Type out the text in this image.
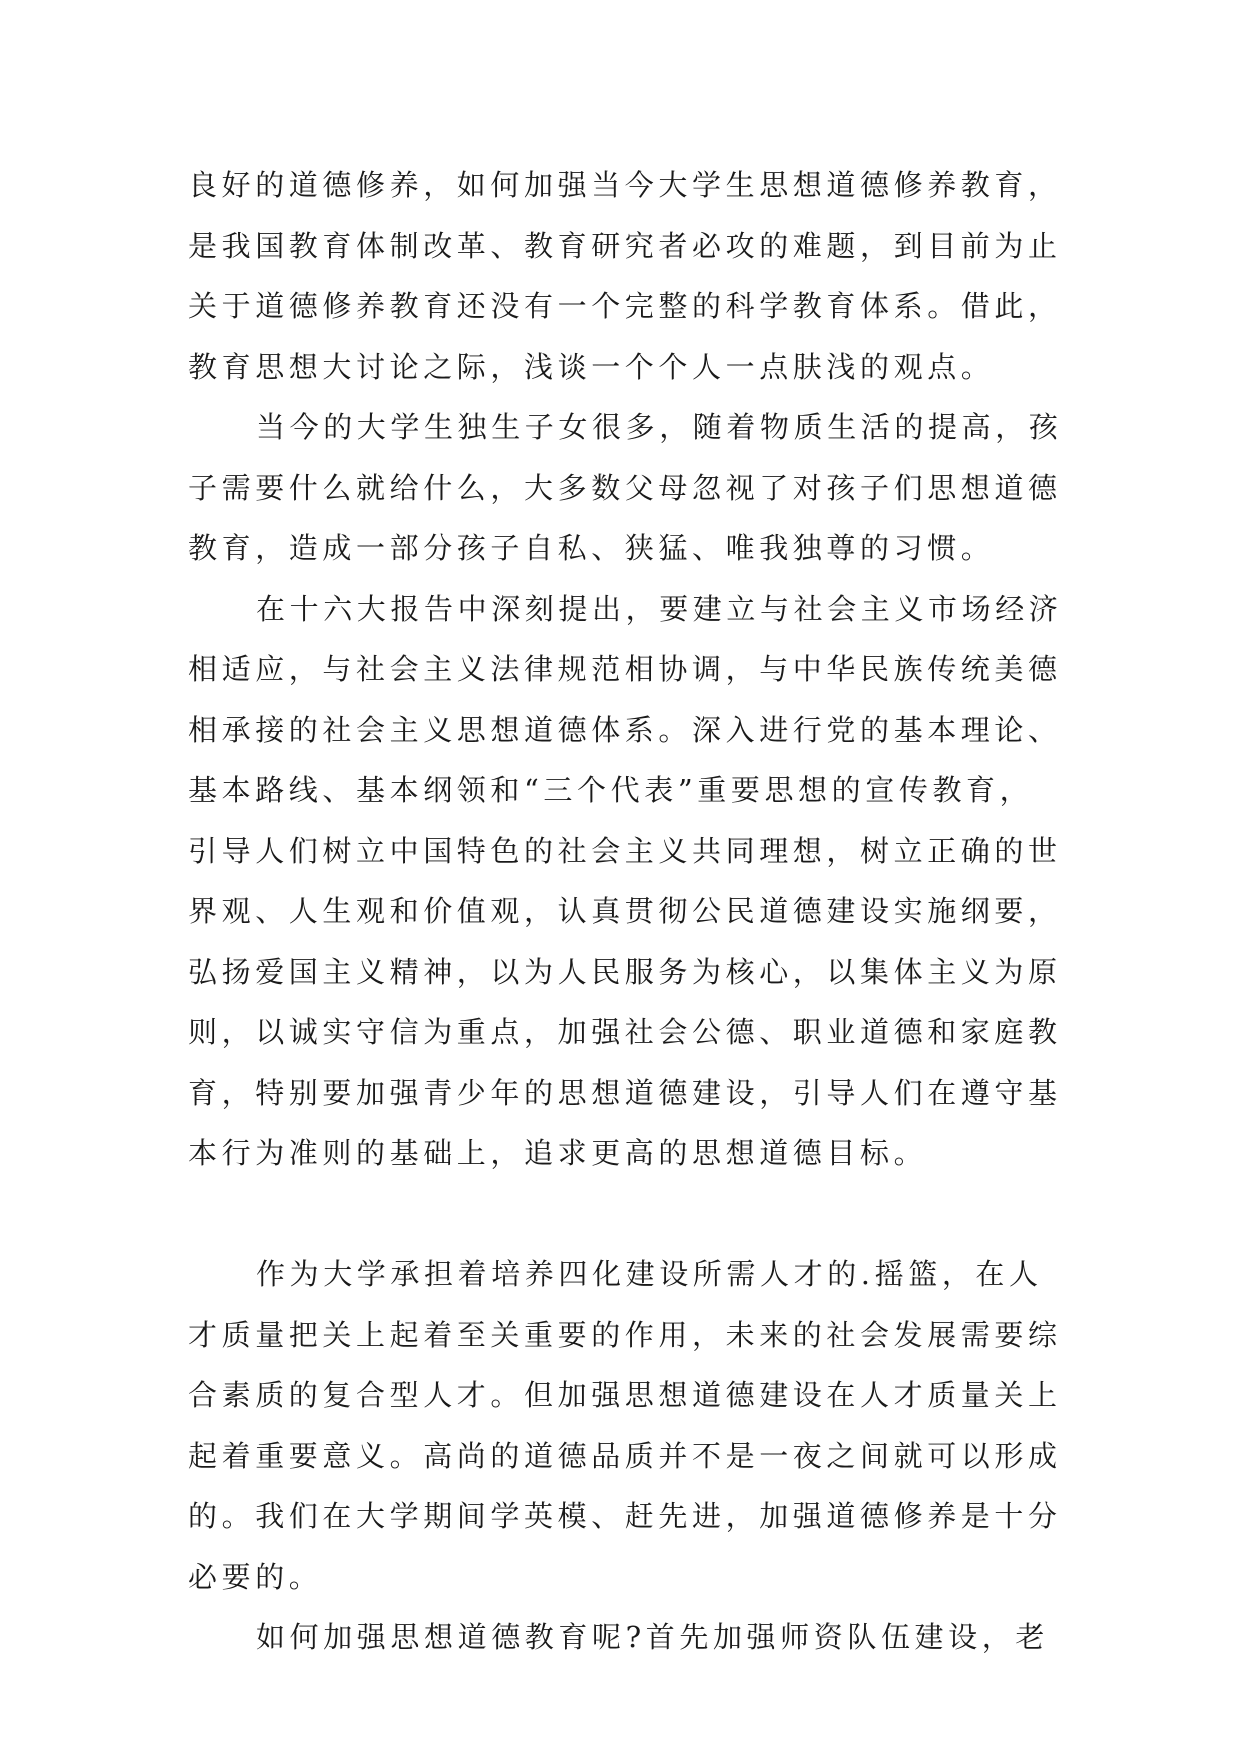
良好的道德修养，如何加强当今大学生思想道德修养教育，
是我国教育体制改革、教育研究者必攻的难题，到目前为止
关于道德修养教育还没有一个完整的科学教育体系。借此，
教育思想大讨论之际，浅谈一个个人一点肤浅的观点。
当今的大学生独生子女很多，随着物质生活的提高，孩
子需要什么就给什么，大多数父母忽视了对孩子们思想道德
教育，造成一部分孩子自私、狭猛、唯我独尊的习惯。
在十六大报告中深刻提出，要建立与社会主义市场经济
相适应，与社会主义法律规范相协调，与中华民族传统美德
相承接的社会主义思想道德体系。深入进行党的基本理论、
基本路线、基本纲领和“三个代表”重要思想的宣传教育，
引导人们树立中国特色的社会主义共同理想，树立正确的世
界观、人生观和价值观，认真贯彻公民道德建设实施纲要，
弘扬爱国主义精神，以为人民服务为核心，以集体主义为原
则，以诚实守信为重点，加强社会公德、职业道德和家庭教
育，特别要加强青少年的思想道德建设，引导人们在遵守基
本行为准则的基础上，追求更高的思想道德目标。
作为大学承担着培养四化建设所需人才的.摇篮，在人
才质量把关上起着至关重要的作用，未来的社会发展需要综
合素质的复合型人才。但加强思想道德建设在人才质量关上
起着重要意义。高尚的道德品质并不是一夜之间就可以形成
的。我们在大学期间学英模、赶先进，加强道德修养是十分
必要的。
如何加强思想道德教育呢?首先加强师资队伍建设，老
